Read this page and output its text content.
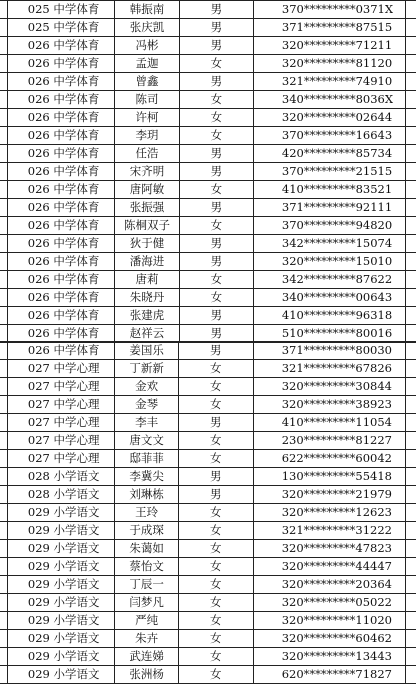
	025 中学体育	韩振南	男	370*********0371X	
	025 中学体育	张庆凯	男	371*********87515	
	026 中学体育	冯彬	男	320*********71211	
	026 中学体育	孟迦	女	320*********81120	
	026 中学体育	曾鑫	男	321*********74910	
	026 中学体育	陈司	女	340*********8036X	
	026 中学体育	许柯	女	320*********02644	
	026 中学体育	李玥	女	370*********16643	
	026 中学体育	任浩	男	420*********85734	
	026 中学体育	宋齐明	男	370*********21515	
	026 中学体育	唐阿敏	女	410*********83521	
	026 中学体育	张振强	男	371*********92111	
	026 中学体育	陈桐双子	女	370*********94820	
	026 中学体育	狄于健	男	342*********15074	
	026 中学体育	潘海进	男	320*********15010	
	026 中学体育	唐莉	女	342*********87622	
	026 中学体育	朱晓丹	女	340*********00643	
	026 中学体育	张建虎	男	410*********96318	
	026 中学体育	赵祥云	男	510*********80016	
	026 中学体育	姜国乐	男	371*********80030	
	027 中学心理	丁新新	女	321*********67826	
	027 中学心理	金欢	女	320*********30844	
	027 中学心理	金琴	女	320*********38923	
	027 中学心理	李丰	男	410*********11054	
	027 中学心理	唐文文	女	230*********81227	
	027 中学心理	邸菲菲	女	622*********60042	
	028 小学语文	李冀尖	男	130*********55418	
	028 小学语文	刘琳栋	男	320*********21979	
	029 小学语文	王玲	女	320*********12623	
	029 小学语文	于成琛	女	321*********31222	
	029 小学语文	朱蔼如	女	320*********47823	
	029 小学语文	蔡怡文	女	320*********44447	
	029 小学语文	丁辰一	女	320*********20364	
	029 小学语文	闫梦凡	女	320*********05022	
	029 小学语文	严纯	女	320*********11020	
	029 小学语文	朱卉	女	320*********60462	
	029 小学语文	武连娣	女	320*********13443	
	029 小学语文	张洲杨	女	620*********71827	
